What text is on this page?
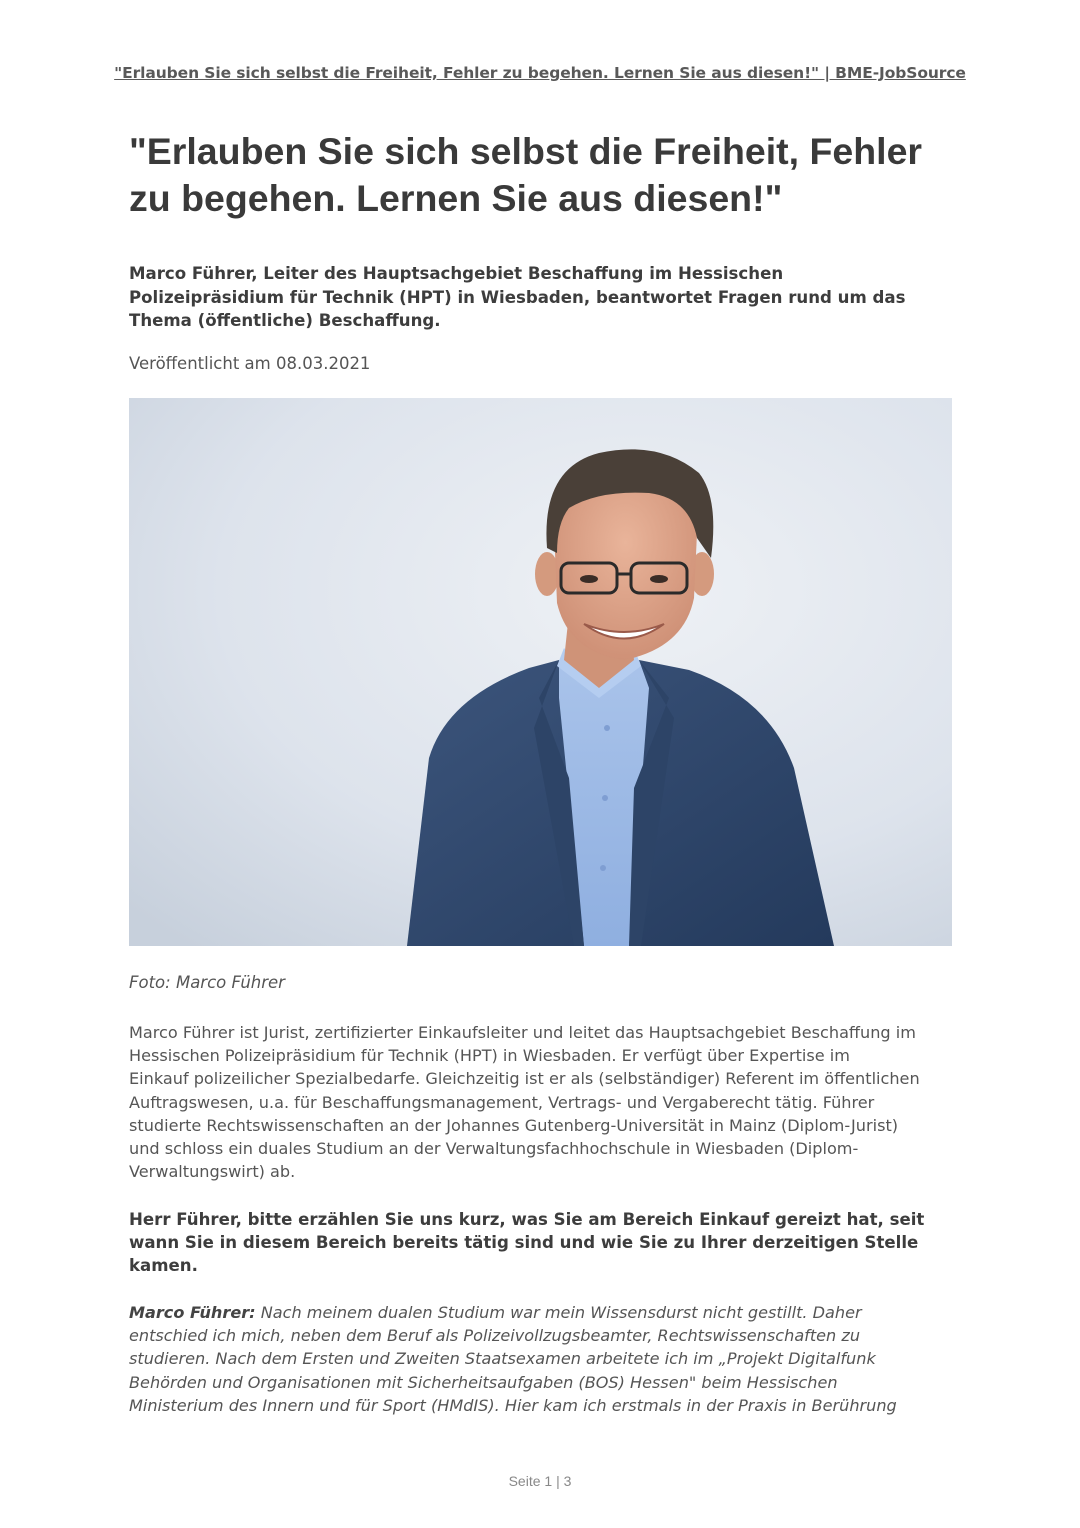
"Erlauben Sie sich selbst die Freiheit, Fehler zu begehen. Lernen Sie aus diesen!" | BME-JobSource
"Erlauben Sie sich selbst die Freiheit, Fehler
zu begehen. Lernen Sie aus diesen!"

Marco Führer, Leiter des Hauptsachgebiet Beschaffung im Hessischen
Polizeipräsidium für Technik (HPT) in Wiesbaden, beantwortet Fragen rund um das
Thema (öffentliche) Beschaffung.

Veröffentlicht am 08.03.2021
Foto: Marco Führer

Marco Führer ist Jurist, zertifizierter Einkaufsleiter und leitet das Hauptsachgebiet Beschaffung im
Hessischen Polizeipräsidium für Technik (HPT) in Wiesbaden. Er verfügt über Expertise im
Einkauf polizeilicher Spezialbedarfe. Gleichzeitig ist er als (selbständiger) Referent im öffentlichen
Auftragswesen, u.a. für Beschaffungsmanagement, Vertrags- und Vergaberecht tätig. Führer
studierte Rechtswissenschaften an der Johannes Gutenberg-Universität in Mainz (Diplom-Jurist)
und schloss ein duales Studium an der Verwaltungsfachhochschule in Wiesbaden (Diplom-
Verwaltungswirt) ab.

Herr Führer, bitte erzählen Sie uns kurz, was Sie am Bereich Einkauf gereizt hat, seit
wann Sie in diesem Bereich bereits tätig sind und wie Sie zu Ihrer derzeitigen Stelle
kamen.

Marco Führer: Nach meinem dualen Studium war mein Wissensdurst nicht gestillt. Daher
entschied ich mich, neben dem Beruf als Polizeivollzugsbeamter, Rechtswissenschaften zu
studieren. Nach dem Ersten und Zweiten Staatsexamen arbeitete ich im „Projekt Digitalfunk
Behörden und Organisationen mit Sicherheitsaufgaben (BOS) Hessen" beim Hessischen
Ministerium des Innern und für Sport (HMdIS). Hier kam ich erstmals in der Praxis in Berührung

Seite 1 | 3
